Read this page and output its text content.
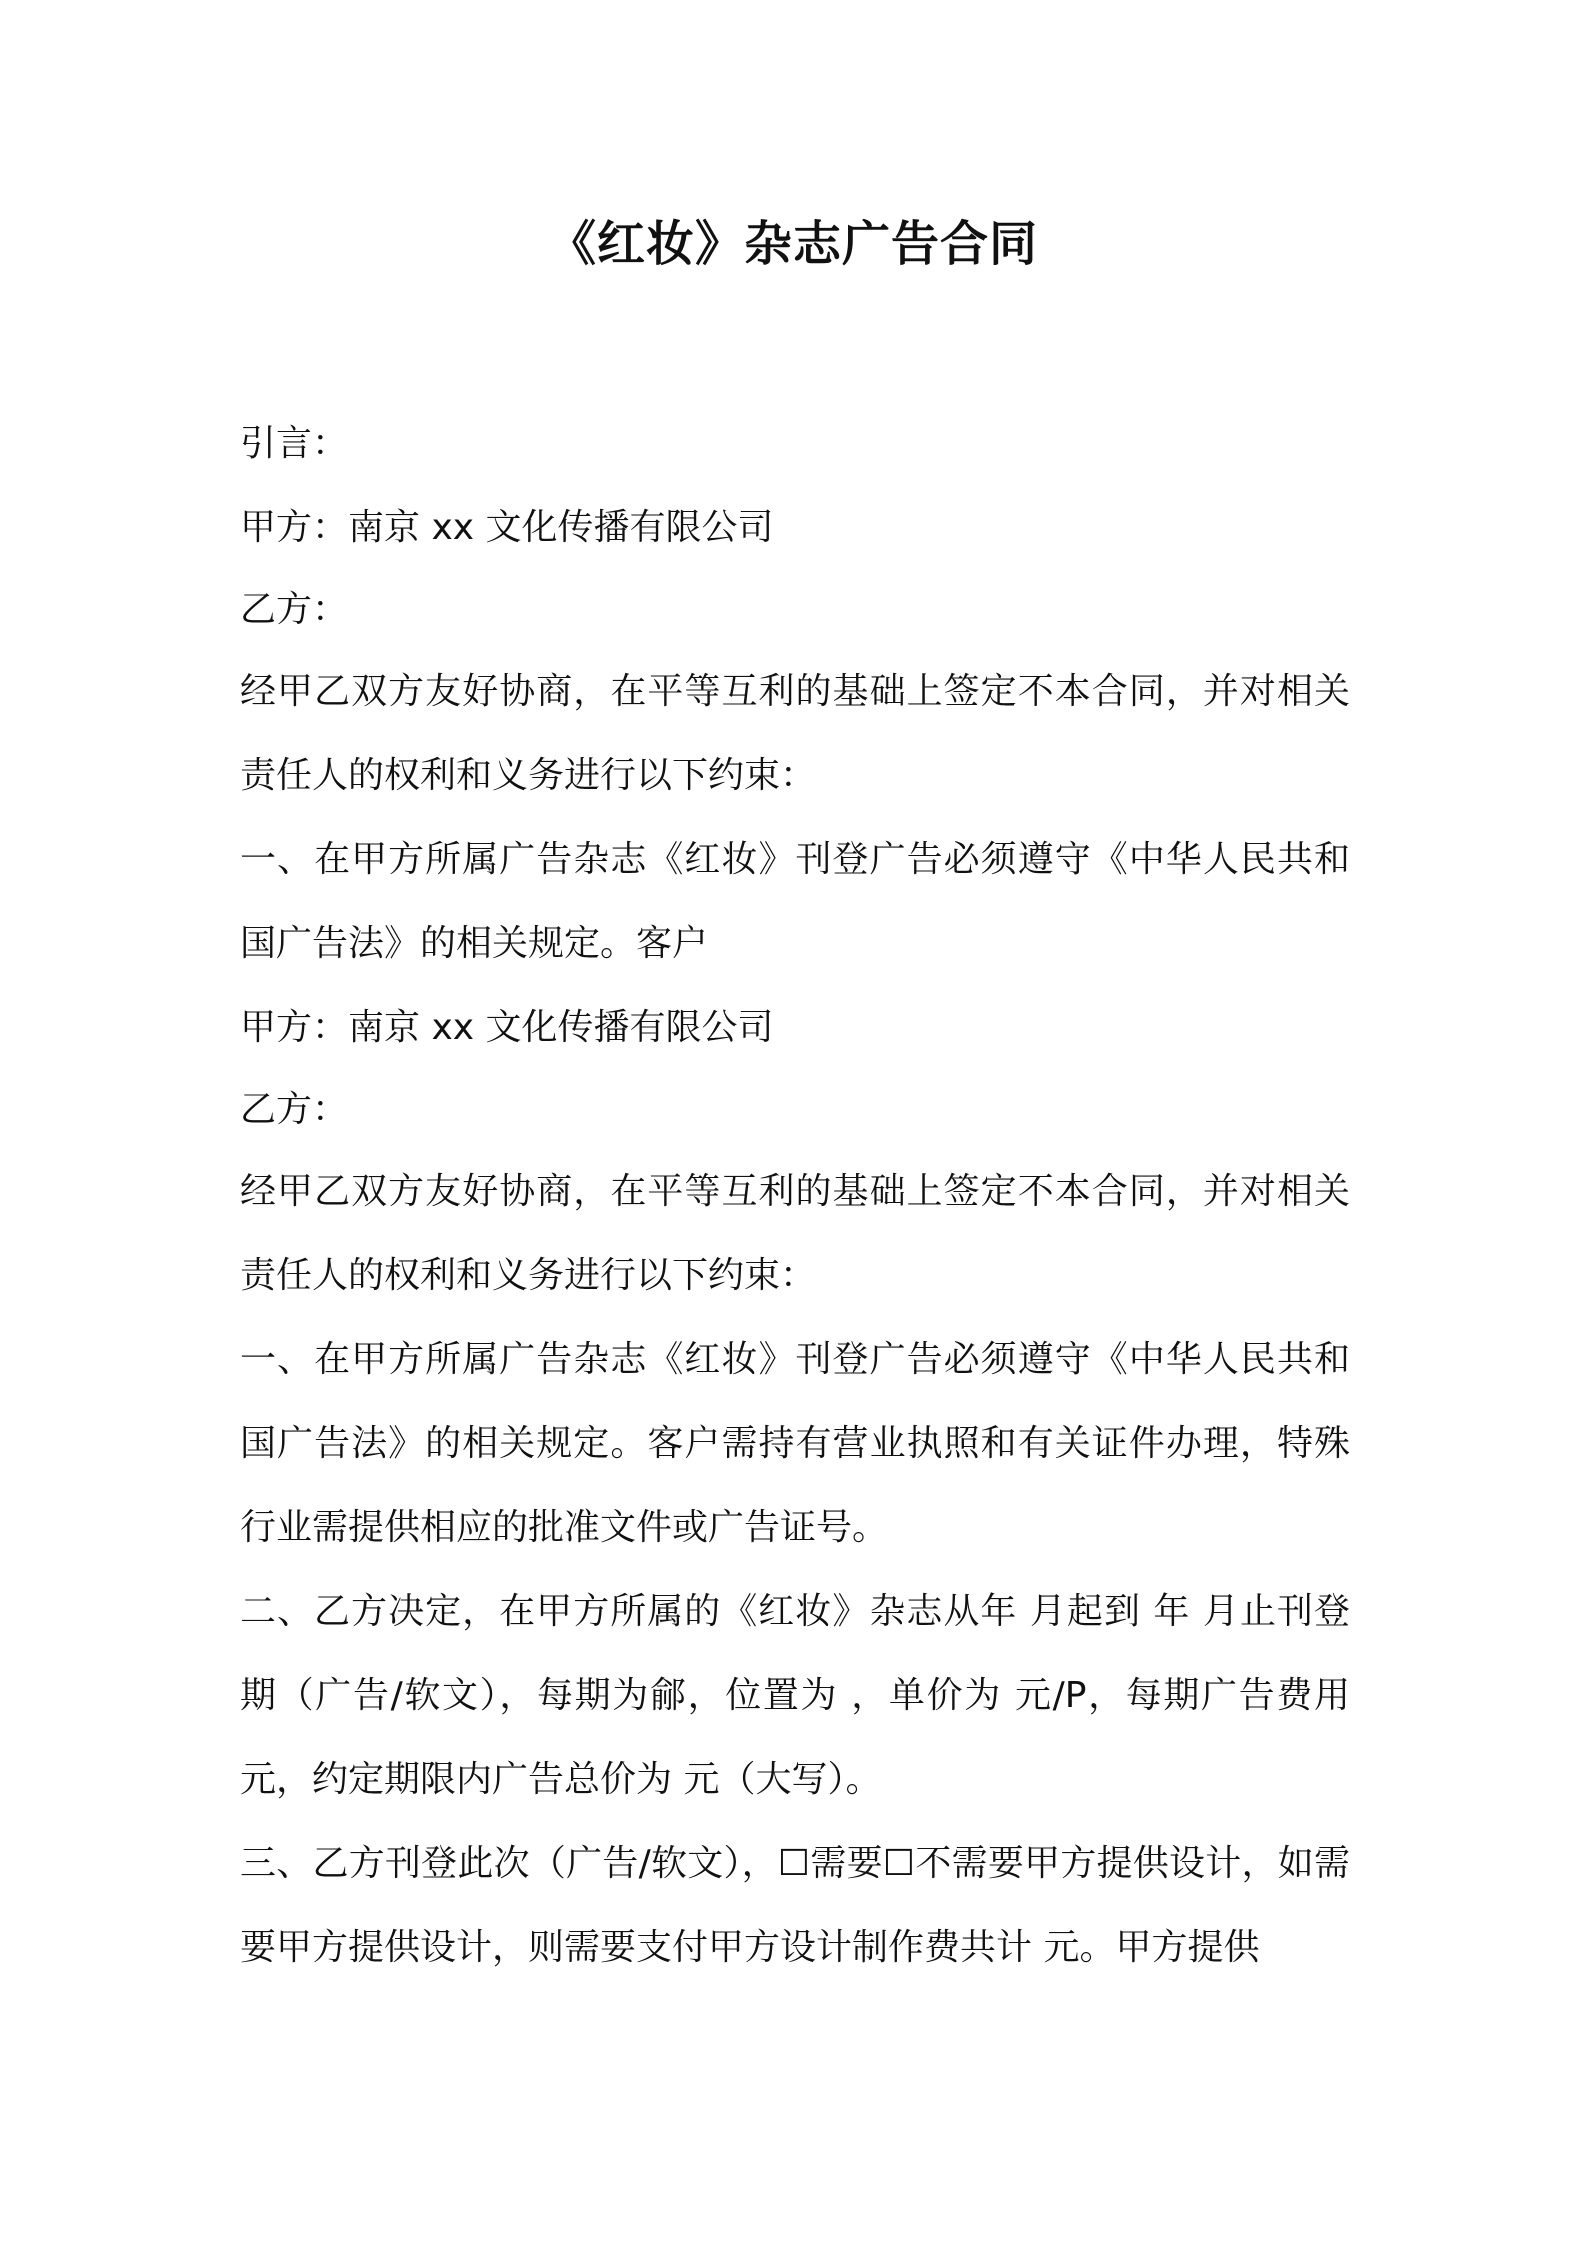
《红妆》杂志广告合同

引言：

甲方：南京 xx 文化传播有限公司

乙方：

经甲乙双方友好协商，在平等互利的基础上签定不本合同，并对相关责任人的权利和义务进行以下约束：

一、在甲方所属广告杂志《红妆》刊登广告必须遵守《中华人民共和国广告法》的相关规定。客户

甲方：南京 xx 文化传播有限公司

乙方：

经甲乙双方友好协商，在平等互利的基础上签定不本合同，并对相关责任人的权利和义务进行以下约束：

一、在甲方所属广告杂志《红妆》刊登广告必须遵守《中华人民共和国广告法》的相关规定。客户需持有营业执照和有关证件办理，特殊行业需提供相应的批准文件或广告证号。

二、乙方决定，在甲方所属的《红妆》杂志从年 月起到 年 月止刊登 期（广告/软文），每期为鄃，位置为 ，单价为 元/P，每期广告费用 元，约定期限内广告总价为 元（大写）。

三、乙方刊登此次（广告/软文），☐需要☐不需要甲方提供设计，如需要甲方提供设计，则需要支付甲方设计制作费共计 元。甲方提供
